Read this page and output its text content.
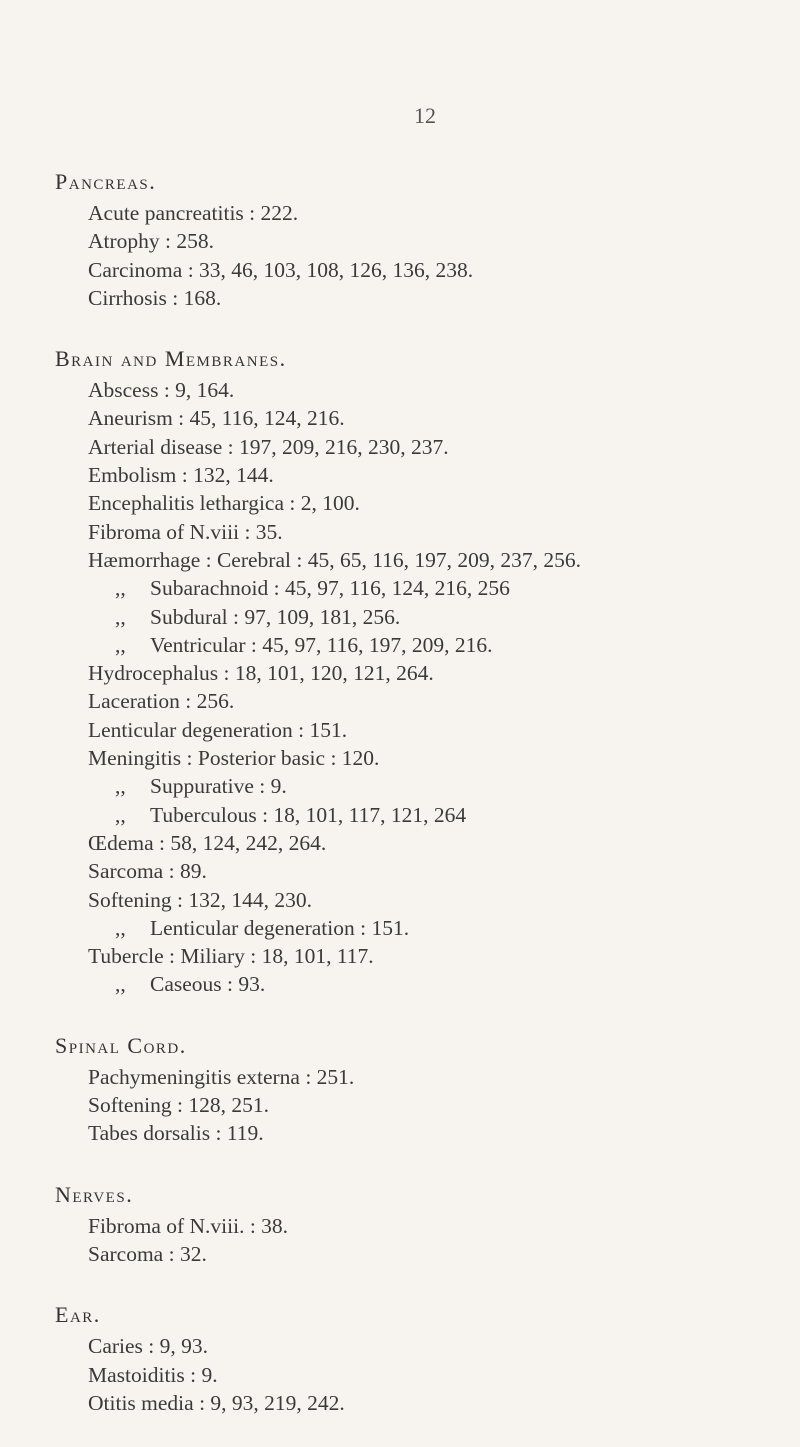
12
Pancreas.
Acute pancreatitis : 222.
Atrophy : 258.
Carcinoma : 33, 46, 103, 108, 126, 136, 238.
Cirrhosis : 168.
Brain and Membranes.
Abscess : 9, 164.
Aneurism : 45, 116, 124, 216.
Arterial disease : 197, 209, 216, 230, 237.
Embolism : 132, 144.
Encephalitis lethargica : 2, 100.
Fibroma of N.viii : 35.
Hæmorrhage : Cerebral : 45, 65, 116, 197, 209, 237, 256.
,, Subarachnoid : 45, 97, 116, 124, 216, 256
,, Subdural : 97, 109, 181, 256.
,, Ventricular : 45, 97, 116, 197, 209, 216.
Hydrocephalus : 18, 101, 120, 121, 264.
Laceration : 256.
Lenticular degeneration : 151.
Meningitis : Posterior basic : 120.
,, Suppurative : 9.
,, Tuberculous : 18, 101, 117, 121, 264
Œdema : 58, 124, 242, 264.
Sarcoma : 89.
Softening : 132, 144, 230.
,, Lenticular degeneration : 151.
Tubercle : Miliary : 18, 101, 117.
,, Caseous : 93.
Spinal Cord.
Pachymeningitis externa : 251.
Softening : 128, 251.
Tabes dorsalis : 119.
Nerves.
Fibroma of N.viii. : 38.
Sarcoma : 32.
Ear.
Caries : 9, 93.
Mastoiditis : 9.
Otitis media : 9, 93, 219, 242.
